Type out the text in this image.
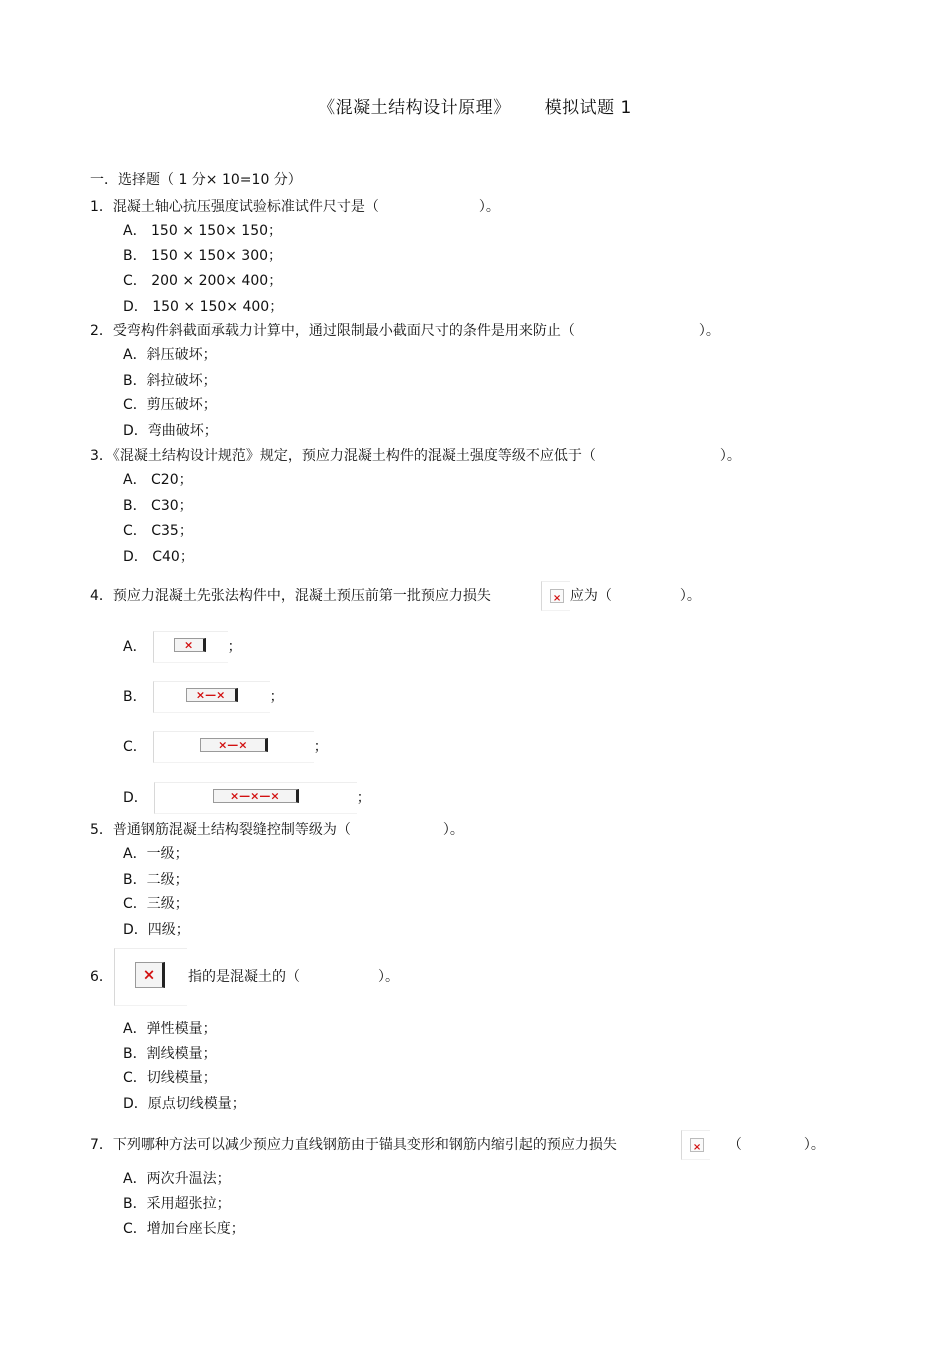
《混凝土结构设计原理》 模拟试题 1
一．选择题（ 1 分× 10=10 分）
1．混凝土轴心抗压强度试验标准试件尺寸是（	）。
A． 150 × 150× 150；
B． 150 × 150× 300；
C． 200 × 200× 400；
D． 150 × 150× 400；
2．受弯构件斜截面承载力计算中，通过限制最小截面尺寸的条件是用来防止（	）。
A．斜压破坏；
B．斜拉破坏；
C．剪压破坏；
D．弯曲破坏；
3．《混凝土结构设计规范》规定，预应力混凝土构件的混凝土强度等级不应低于（	）。
A． C20；
B． C30；
C． C35；
D． C40；
4．预应力混凝土先张法构件中，混凝土预压前第一批预应力损失	× 应为（	）。
A．	× ；
B．	×—×	；
C．	×—×	；
D．	×—×—×	；
5．普通钢筋混凝土结构裂缝控制等级为（	）。
A．一级；
B．二级；
C．三级；
D．四级；
6． × 指的是混凝土的（	）。
A．弹性模量；
B．割线模量；
C．切线模量；
D．原点切线模量；
7．下列哪种方法可以减少预应力直线钢筋由于锚具变形和钢筋内缩引起的预应力损失	× （	）。
A．两次升温法；
B．采用超张拉；
C．增加台座长度；
